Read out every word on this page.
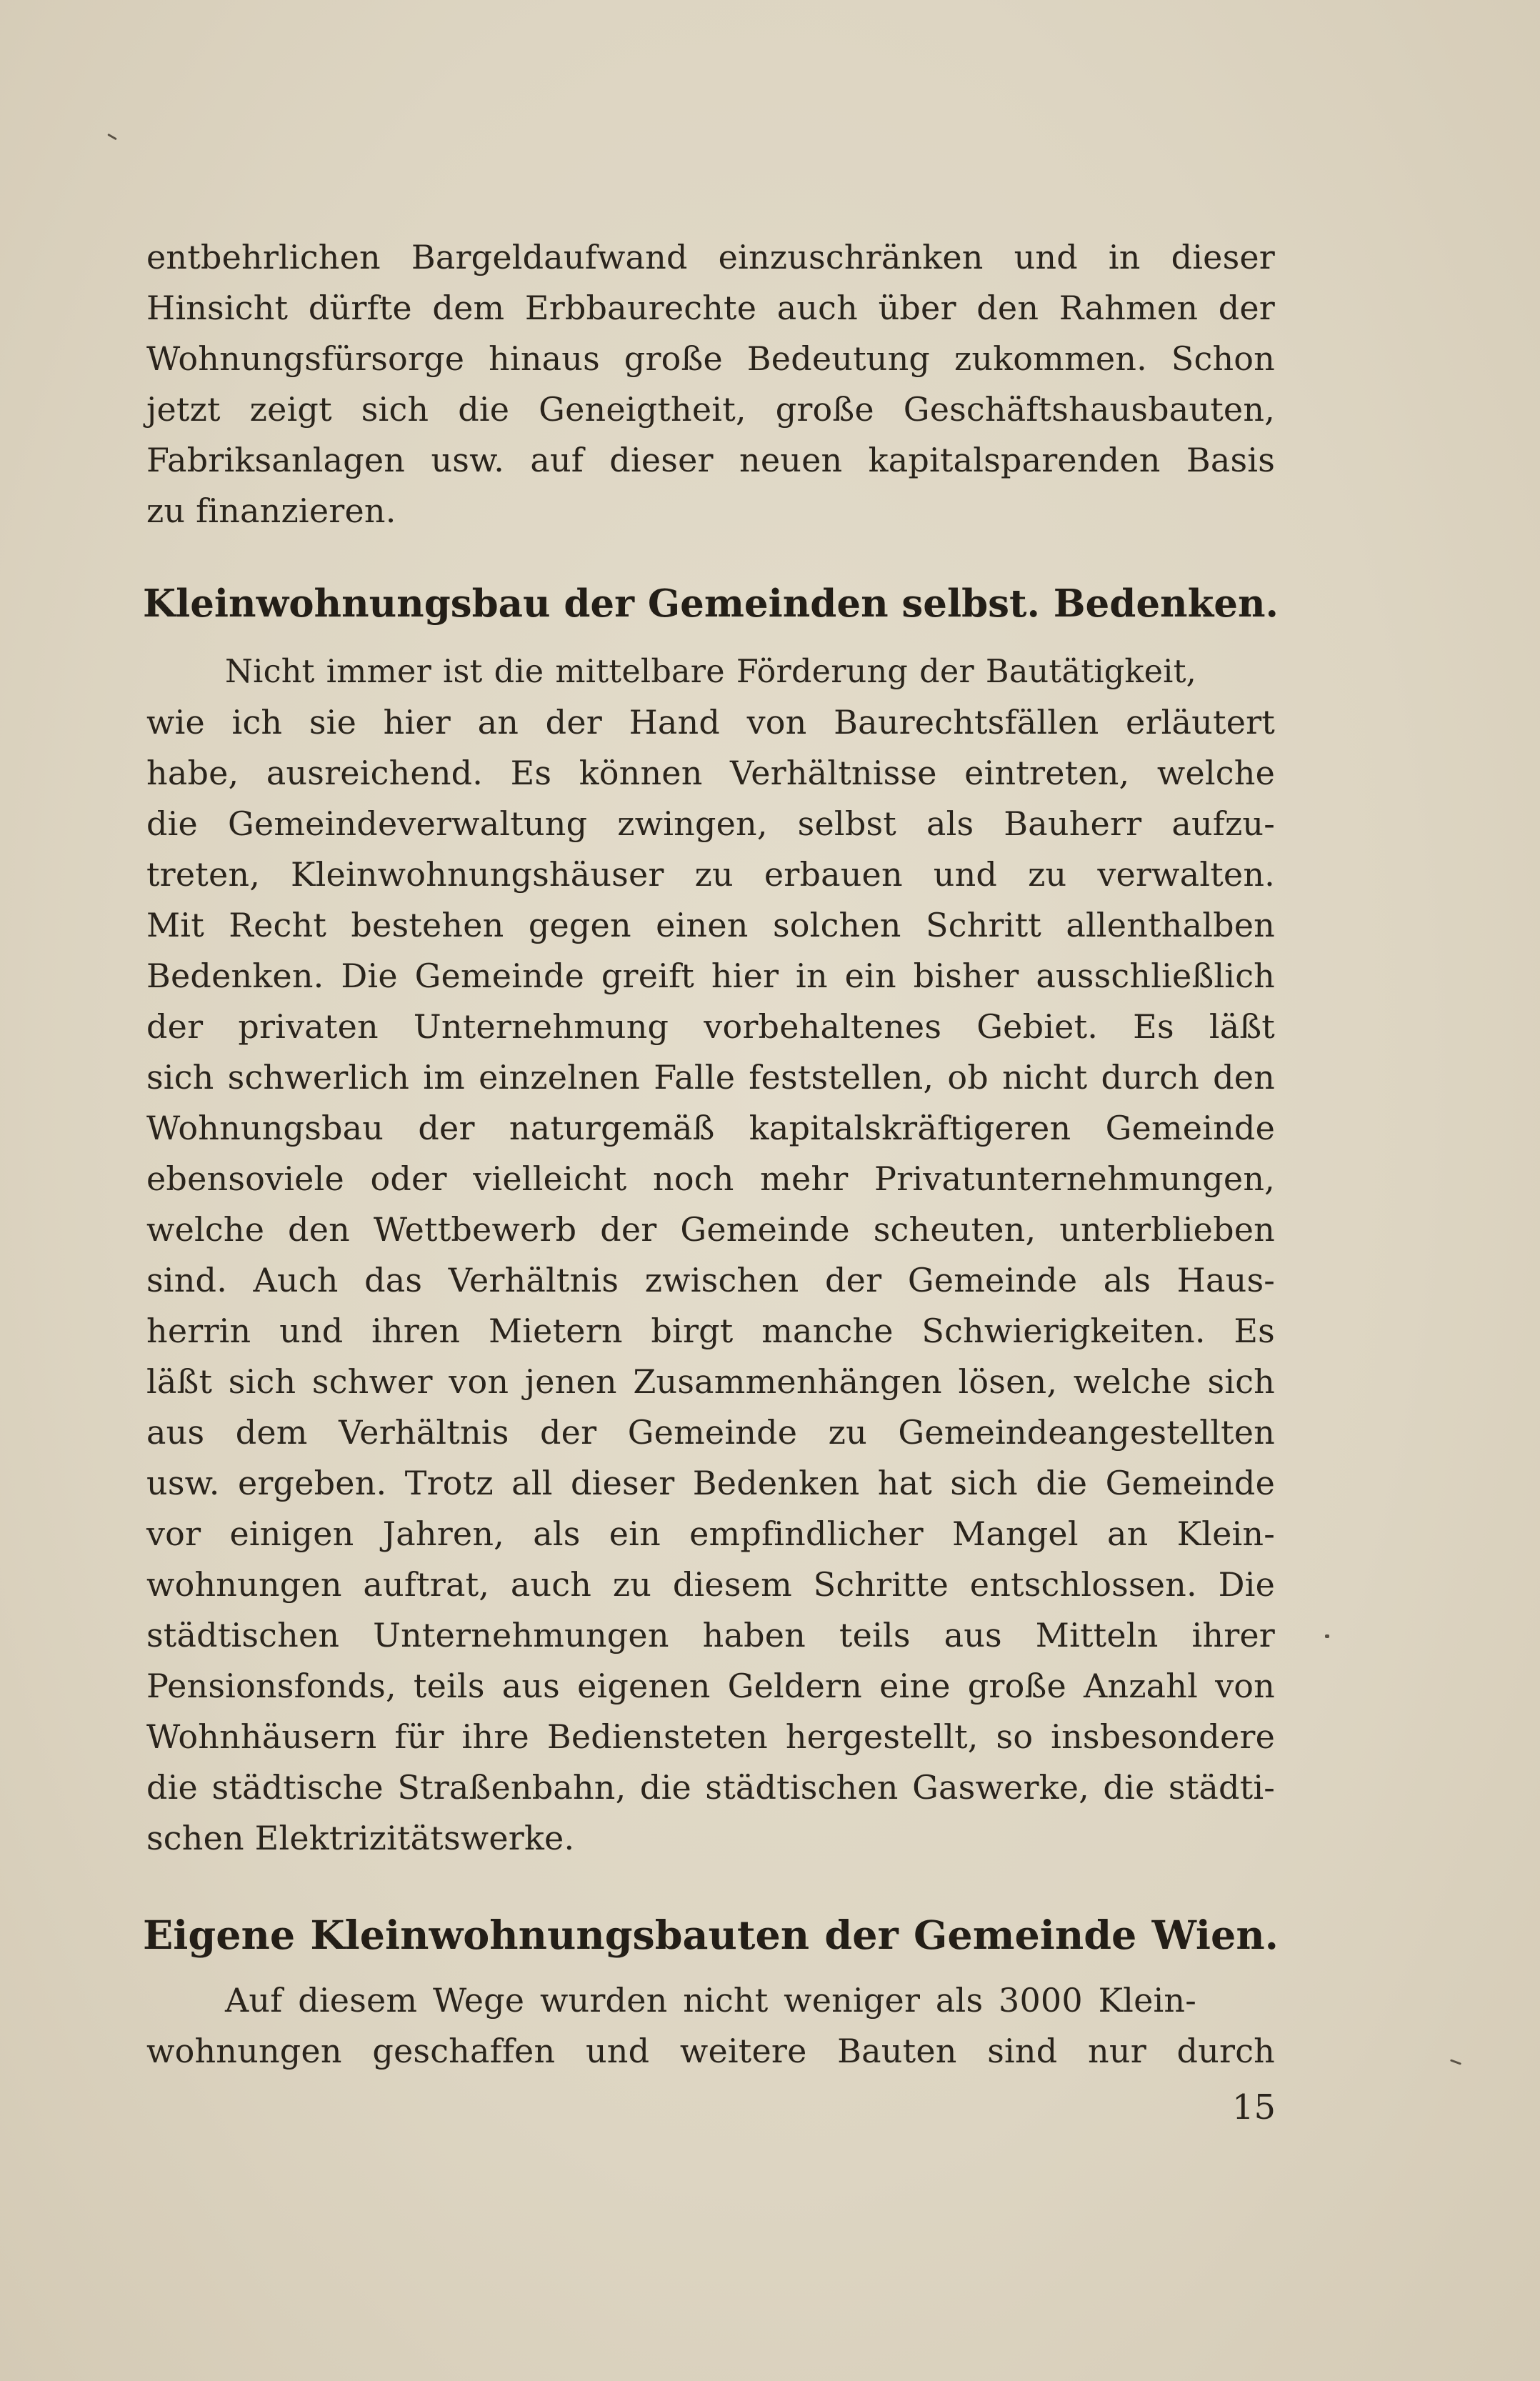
entbehrlichen Bargeldaufwand einzuschränken und in dieser
Hinsicht dürfte dem Erbbaurechte auch über den Rahmen der
Wohnungsfürsorge hinaus große Bedeutung zukommen. Schon
jetzt zeigt sich die Geneigtheit, große Geschäftshausbauten,
Fabriksanlagen usw. auf dieser neuen kapitalsparenden Basis
zu finanzieren.
Kleinwohnungsbau der Gemeinden selbst. Bedenken.
Nicht immer ist die mittelbare Förderung der Bautätigkeit,
wie ich sie hier an der Hand von Baurechtsfällen erläutert
habe, ausreichend. Es können Verhältnisse eintreten, welche
die Gemeindeverwaltung zwingen, selbst als Bauherr aufzu-
treten, Kleinwohnungshäuser zu erbauen und zu verwalten.
Mit Recht bestehen gegen einen solchen Schritt allenthalben
Bedenken. Die Gemeinde greift hier in ein bisher ausschließlich
der privaten Unternehmung vorbehaltenes Gebiet. Es läßt
sich schwerlich im einzelnen Falle feststellen, ob nicht durch den
Wohnungsbau der naturgemäß kapitalskräftigeren Gemeinde
ebensoviele oder vielleicht noch mehr Privatunternehmungen,
welche den Wettbewerb der Gemeinde scheuten, unterblieben
sind. Auch das Verhältnis zwischen der Gemeinde als Haus-
herrin und ihren Mietern birgt manche Schwierigkeiten. Es
läßt sich schwer von jenen Zusammenhängen lösen, welche sich
aus dem Verhältnis der Gemeinde zu Gemeindeangestellten
usw. ergeben. Trotz all dieser Bedenken hat sich die Gemeinde
vor einigen Jahren, als ein empfindlicher Mangel an Klein-
wohnungen auftrat, auch zu diesem Schritte entschlossen. Die
städtischen Unternehmungen haben teils aus Mitteln ihrer
Pensionsfonds, teils aus eigenen Geldern eine große Anzahl von
Wohnhäusern für ihre Bediensteten hergestellt, so insbesondere
die städtische Straßenbahn, die städtischen Gaswerke, die städti-
schen Elektrizitätswerke.
Eigene Kleinwohnungsbauten der Gemeinde Wien.
Auf diesem Wege wurden nicht weniger als 3000 Klein-
wohnungen geschaffen und weitere Bauten sind nur durch
15
